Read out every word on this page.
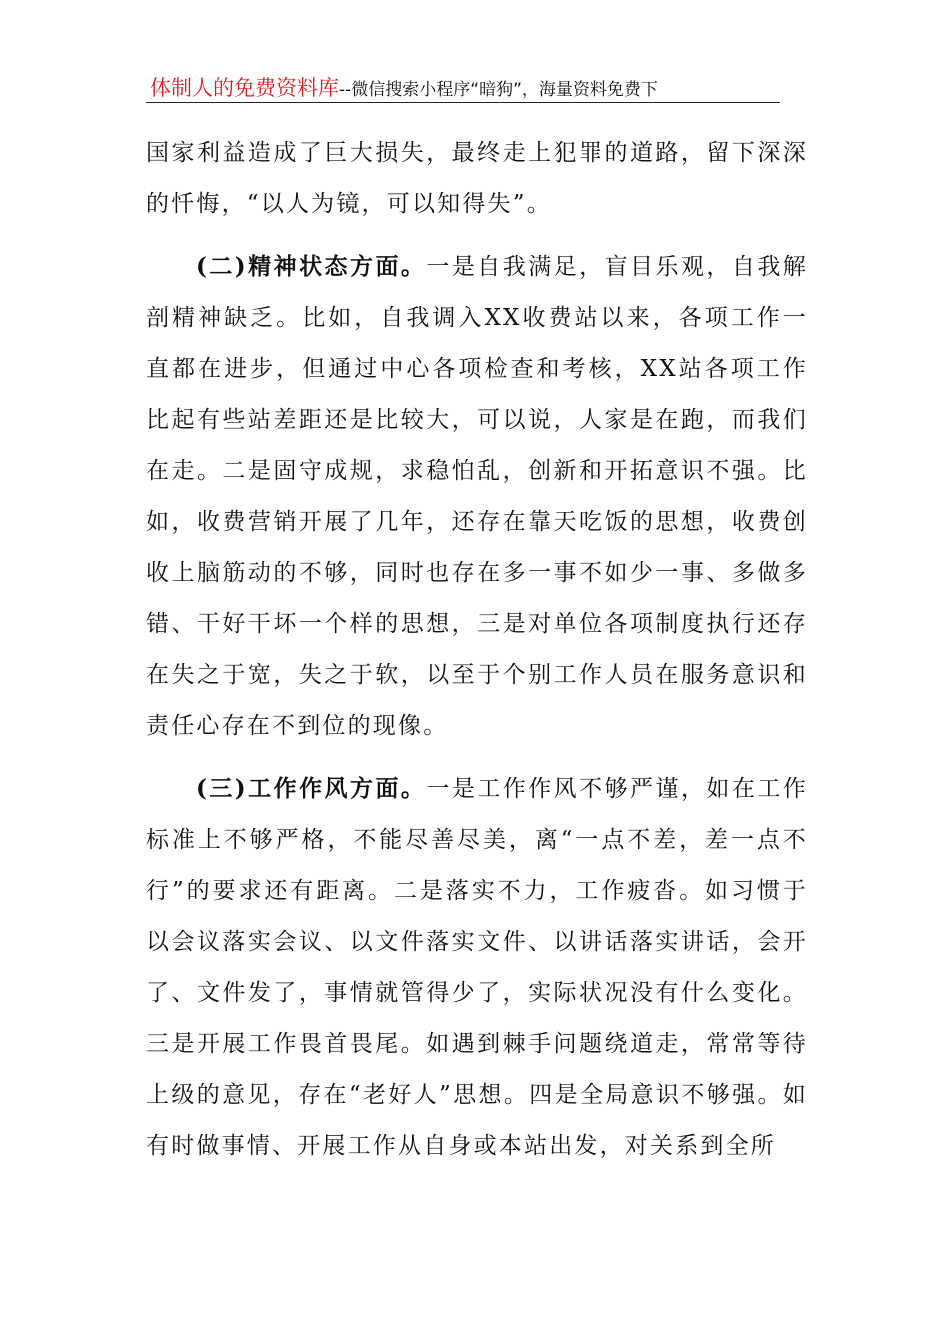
体制人的免费资料库--微信搜索小程序“暗狗”，海量资料免费下

国家利益造成了巨大损失，最终走上犯罪的道路，留下深深的忏悔，“以人为镜，可以知得失”。

(二)精神状态方面。一是自我满足，盲目乐观，自我解剖精神缺乏。比如，自我调入XX收费站以来，各项工作一直都在进步，但通过中心各项检查和考核，XX站各项工作比起有些站差距还是比较大，可以说，人家是在跑，而我们在走。二是固守成规，求稳怕乱，创新和开拓意识不强。比如，收费营销开展了几年，还存在靠天吃饭的思想，收费创收上脑筋动的不够，同时也存在多一事不如少一事、多做多错、干好干坏一个样的思想，三是对单位各项制度执行还存在失之于宽，失之于软，以至于个别工作人员在服务意识和责任心存在不到位的现像。

(三)工作作风方面。一是工作作风不够严谨，如在工作标准上不够严格，不能尽善尽美，离“一点不差，差一点不行”的要求还有距离。二是落实不力，工作疲沓。如习惯于以会议落实会议、以文件落实文件、以讲话落实讲话，会开了、文件发了，事情就管得少了，实际状况没有什么变化。三是开展工作畏首畏尾。如遇到棘手问题绕道走，常常等待上级的意见，存在“老好人”思想。四是全局意识不够强。如有时做事情、开展工作从自身或本站出发，对关系到全所
